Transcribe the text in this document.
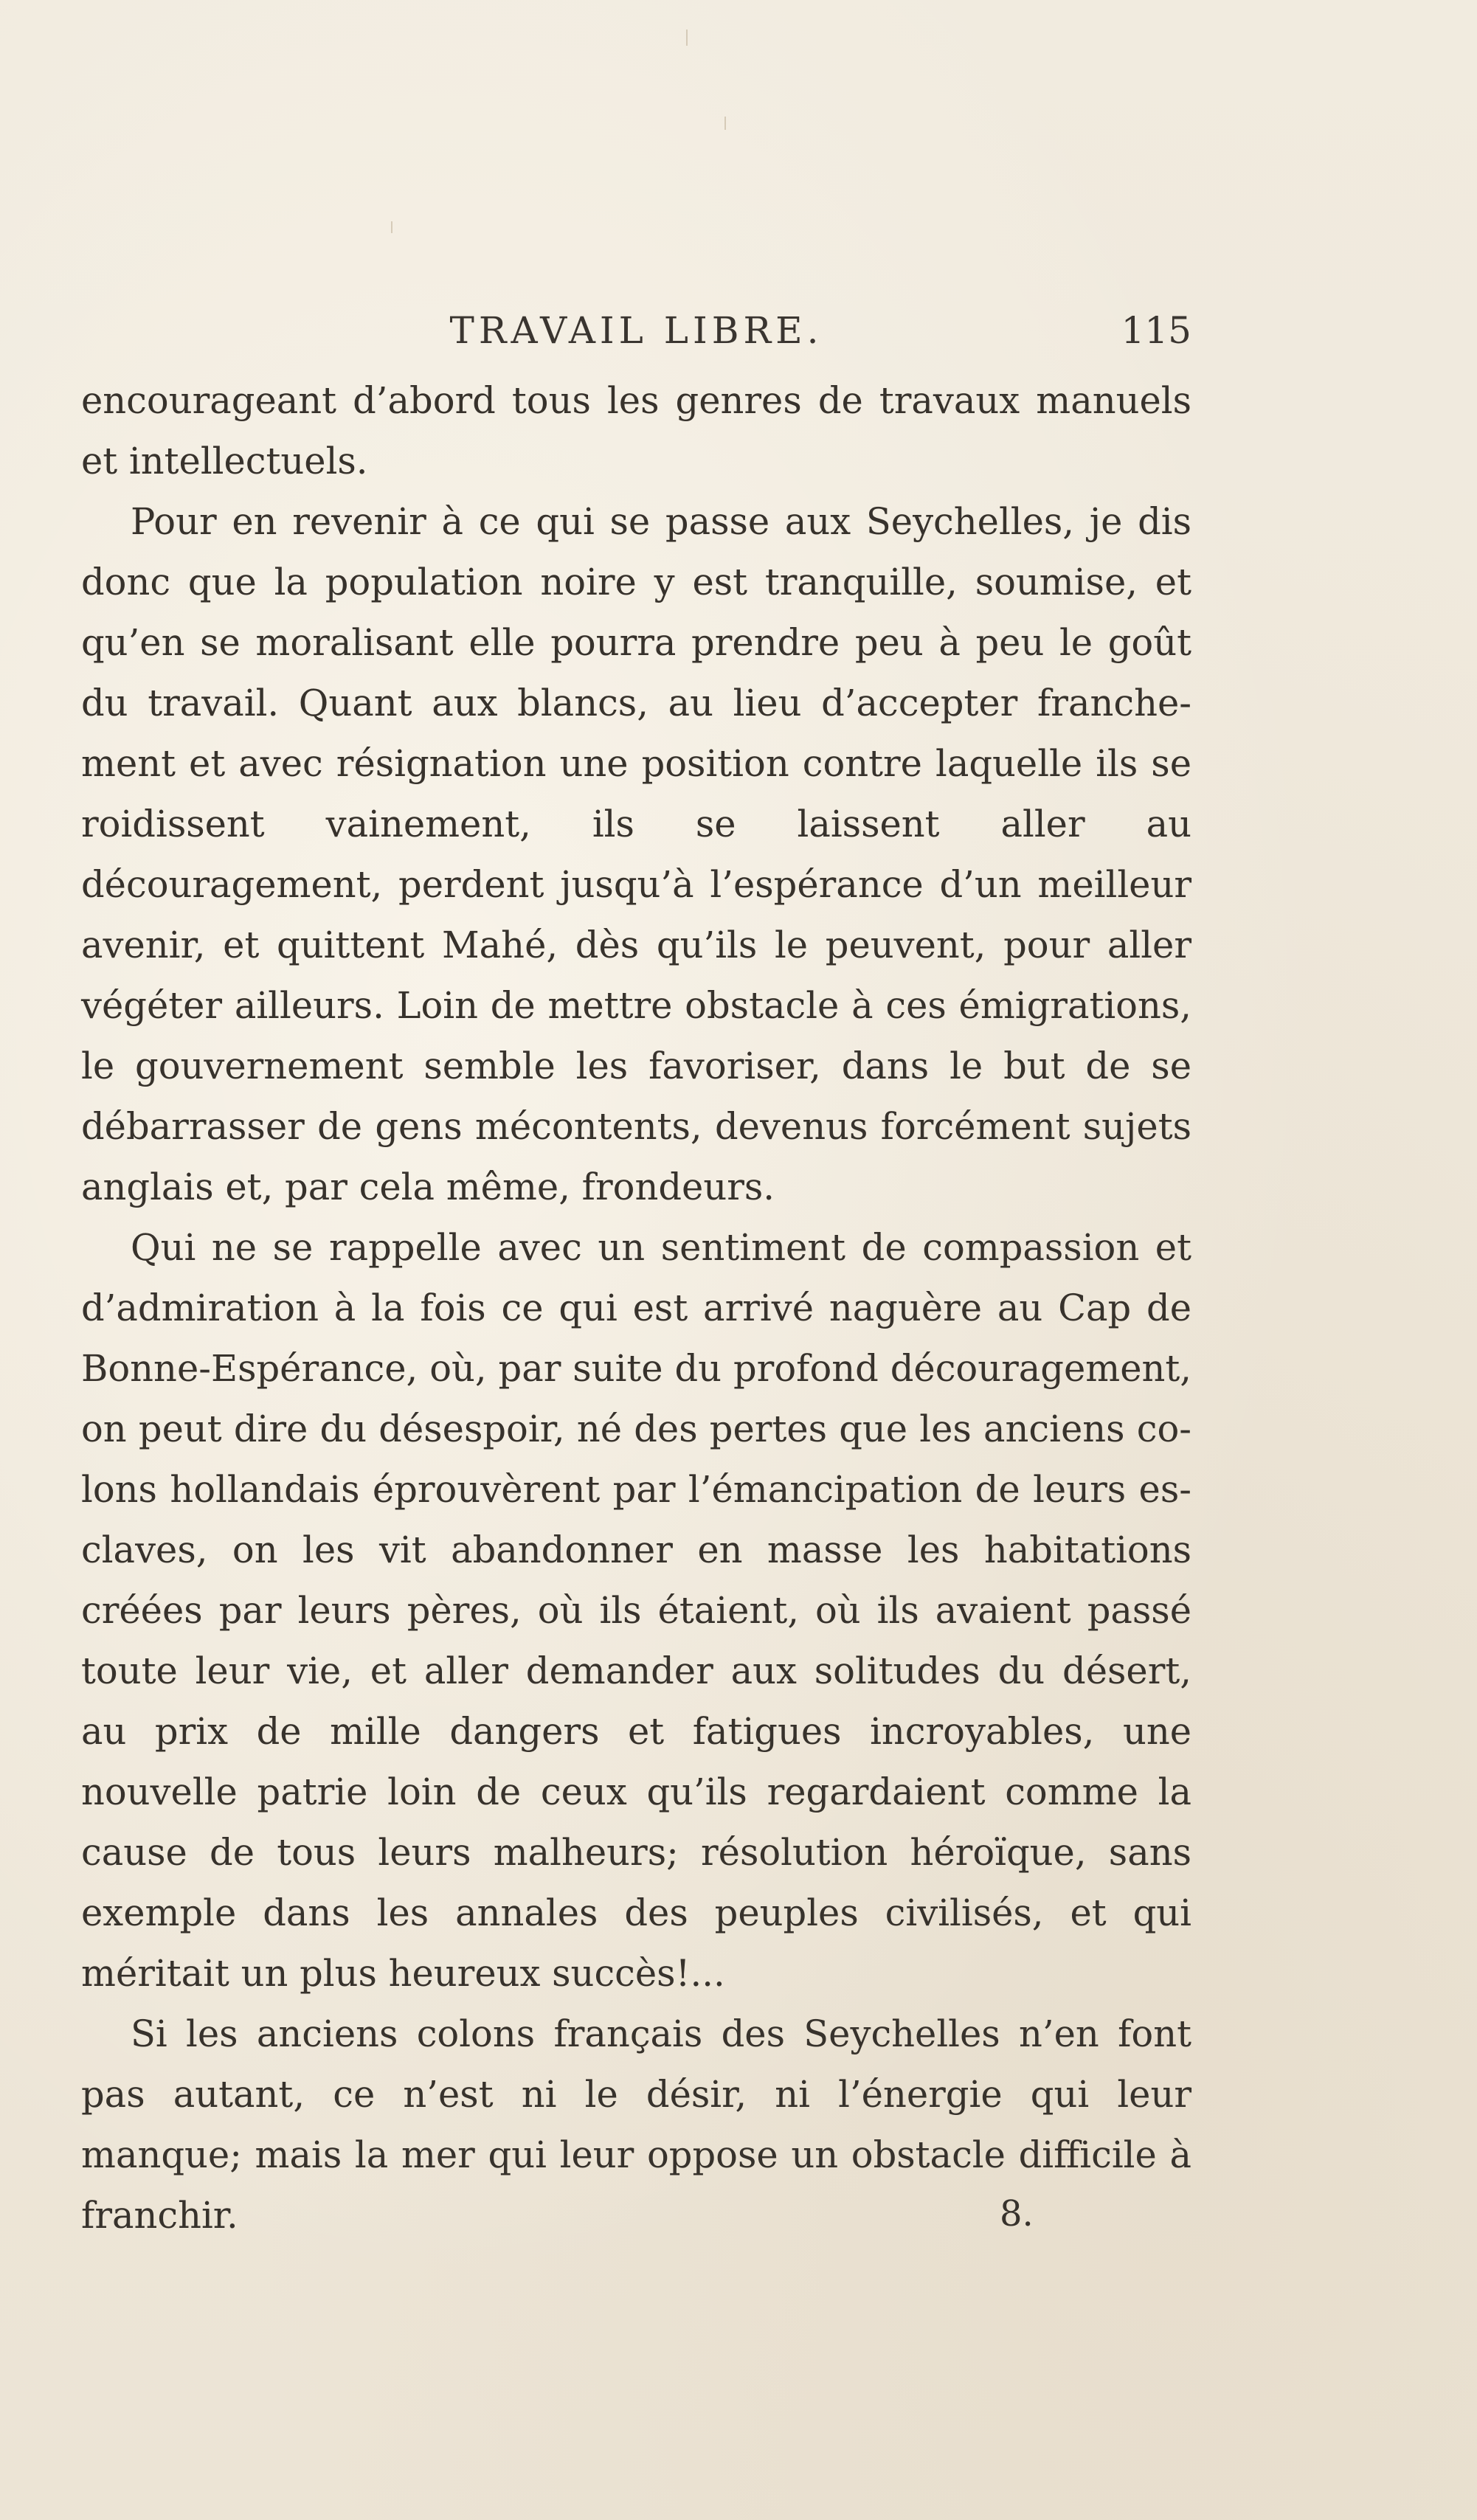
TRAVAIL LIBRE.	115

encourageant d’abord tous les genres de travaux manuels et intellectuels.

Pour en revenir à ce qui se passe aux Seychelles, je dis donc que la population noire y est tranquille, soumise, et qu’en se moralisant elle pourra prendre peu à peu le goût du travail. Quant aux blancs, au lieu d’accepter franchement et avec résignation une position contre laquelle ils se roidissent vainement, ils se laissent aller au découragement, perdent jusqu’à l’espérance d’un meilleur avenir, et quittent Mahé, dès qu’ils le peuvent, pour aller végéter ailleurs. Loin de mettre obstacle à ces émigrations, le gouvernement semble les favoriser, dans le but de se débarrasser de gens mécontents, devenus forcément sujets anglais et, par cela même, frondeurs.

Qui ne se rappelle avec un sentiment de compassion et d’admiration à la fois ce qui est arrivé naguère au Cap de Bonne-Espérance, où, par suite du profond découragement, on peut dire du désespoir, né des pertes que les anciens colons hollandais éprouvèrent par l’émancipation de leurs esclaves, on les vit abandonner en masse les habitations créées par leurs pères, où ils étaient, où ils avaient passé toute leur vie, et aller demander aux solitudes du désert, au prix de mille dangers et fatigues incroyables, une nouvelle patrie loin de ceux qu’ils regardaient comme la cause de tous leurs malheurs; résolution héroïque, sans exemple dans les annales des peuples civilisés, et qui méritait un plus heureux succès!...

Si les anciens colons français des Seychelles n’en font pas autant, ce n’est ni le désir, ni l’énergie qui leur manque; mais la mer qui leur oppose un obstacle difficile à franchir.	8.
